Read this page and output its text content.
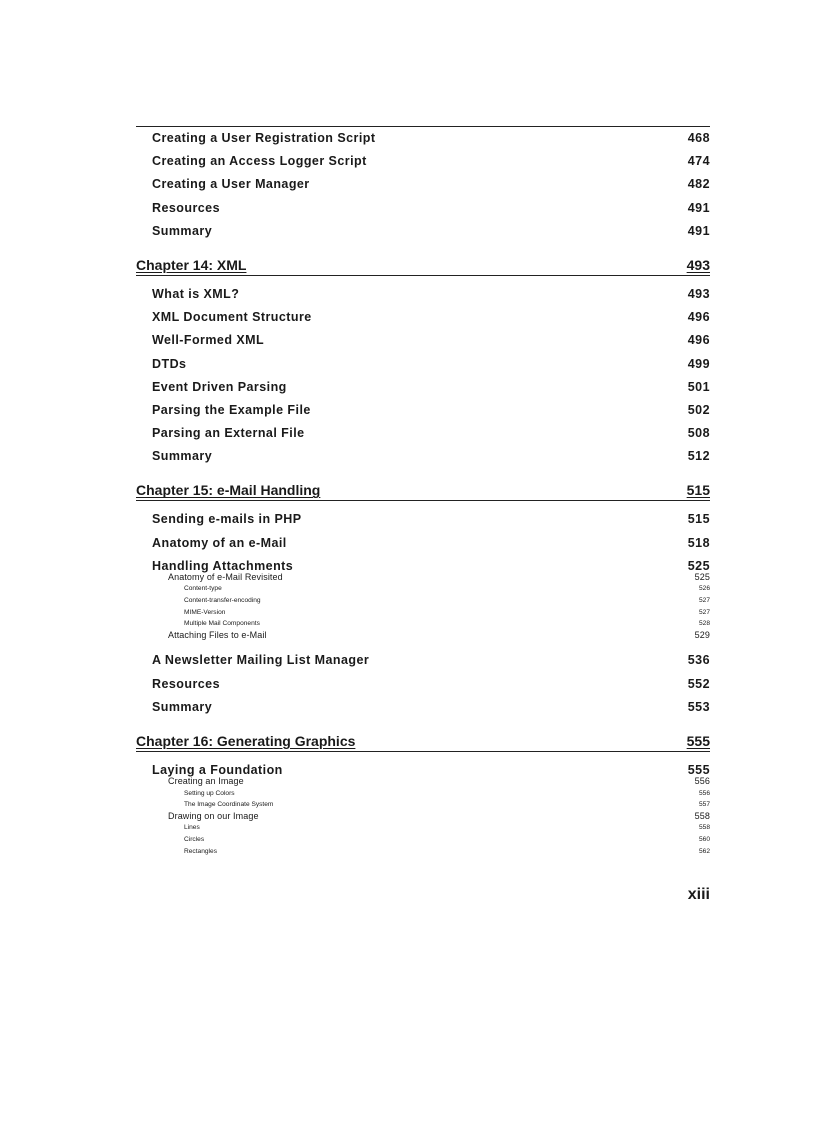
Creating a User Registration Script	468
Creating an Access Logger Script	474
Creating a User Manager	482
Resources	491
Summary	491
Chapter 14: XML	493
What is XML?	493
XML Document Structure	496
Well-Formed XML	496
DTDs	499
Event Driven Parsing	501
Parsing the Example File	502
Parsing an External File	508
Summary	512
Chapter 15: e-Mail Handling	515
Sending e-mails in PHP	515
Anatomy of an e-Mail	518
Handling Attachments	525
Anatomy of e-Mail Revisited	525
Content-type	526
Content-transfer-encoding	527
MIME-Version	527
Multiple Mail Components	528
Attaching Files to e-Mail	529
A Newsletter Mailing List Manager	536
Resources	552
Summary	553
Chapter 16: Generating Graphics	555
Laying a Foundation	555
Creating an Image	556
Setting up Colors	556
The Image Coordinate System	557
Drawing on our Image	558
Lines	558
Circles	560
Rectangles	562
xiii
